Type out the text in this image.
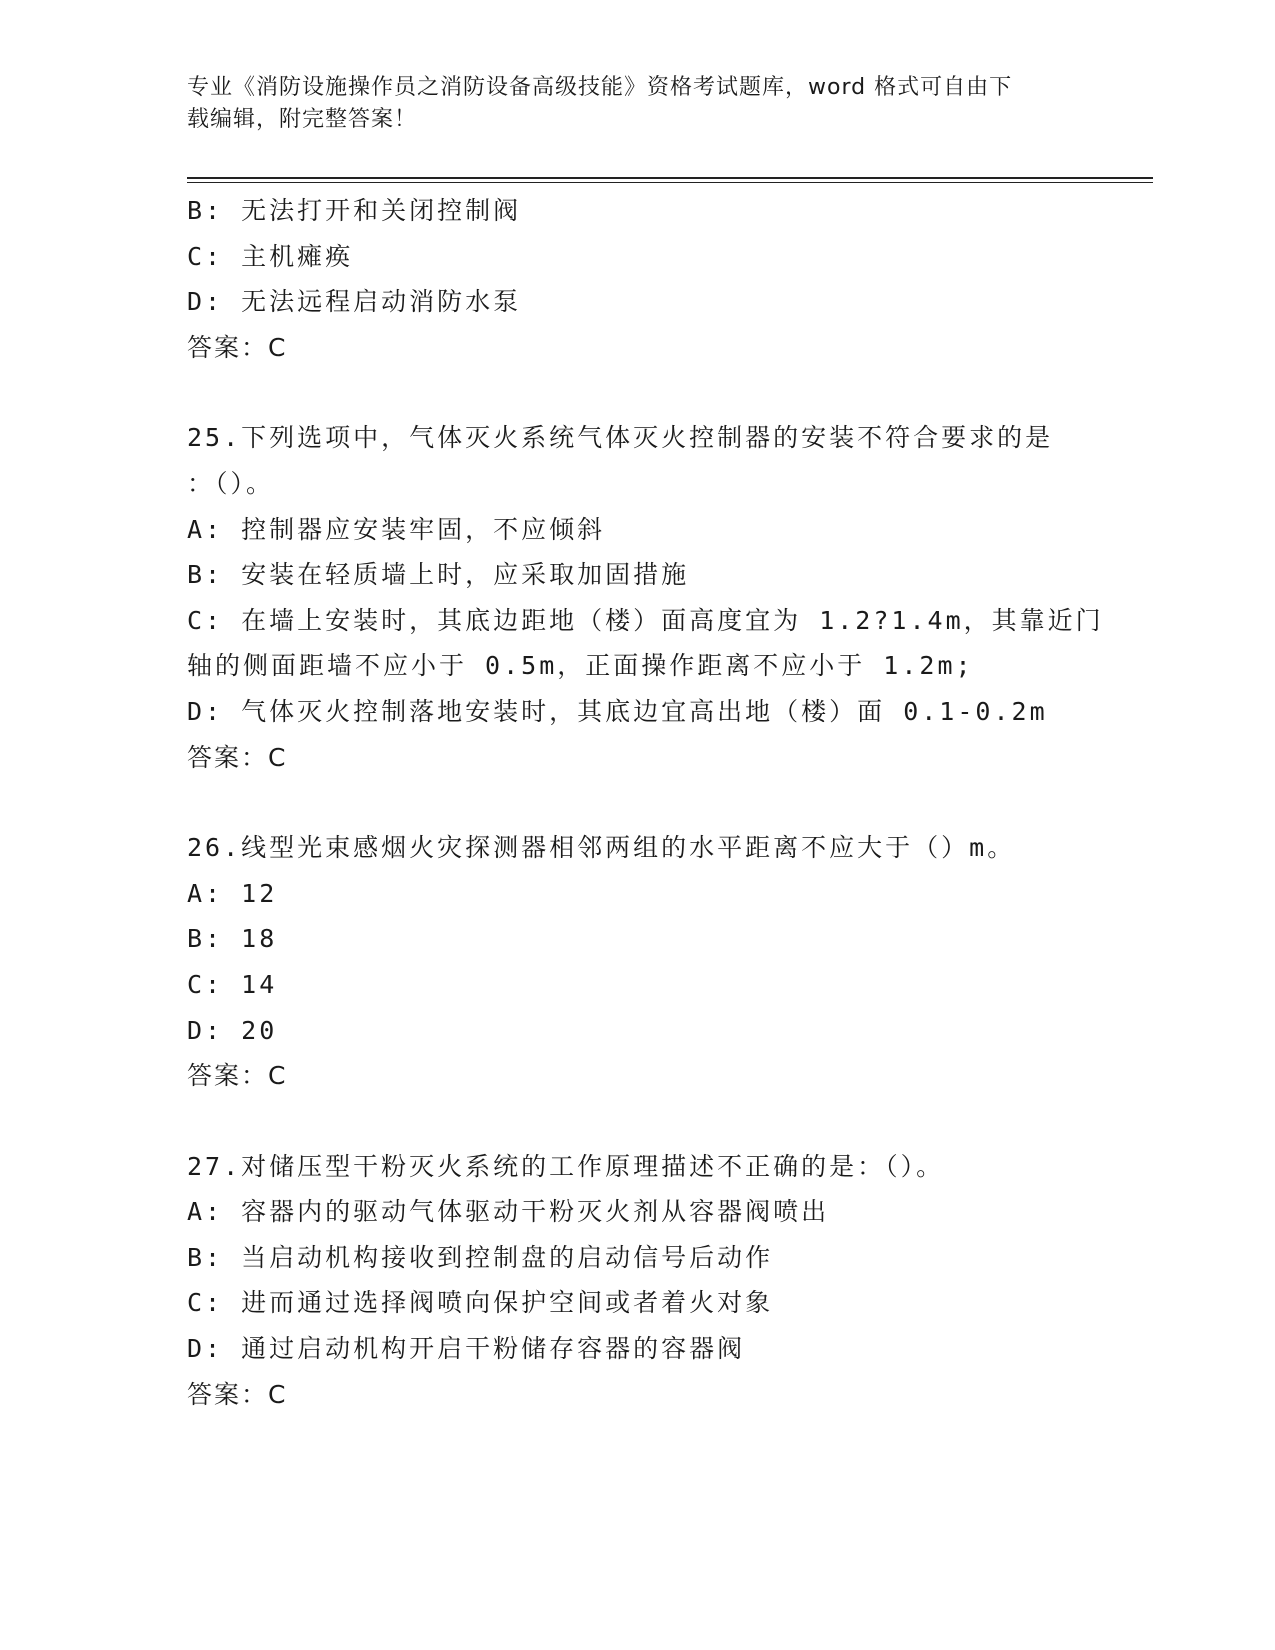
专业《消防设施操作员之消防设备高级技能》资格考试题库，word 格式可自由下
载编辑，附完整答案！
B: 无法打开和关闭控制阀
C: 主机瘫痪
D: 无法远程启动消防水泵
答案：C
25.下列选项中，气体灭火系统气体灭火控制器的安装不符合要求的是
：（）。
A: 控制器应安装牢固，不应倾斜
B: 安装在轻质墙上时，应采取加固措施
C: 在墙上安装时，其底边距地（楼）面高度宜为 1.2?1.4m，其靠近门
轴的侧面距墙不应小于 0.5m，正面操作距离不应小于 1.2m;
D: 气体灭火控制落地安装时，其底边宜高出地（楼）面 0.1-0.2m
答案：C
26.线型光束感烟火灾探测器相邻两组的水平距离不应大于（）m。
A: 12
B: 18
C: 14
D: 20
答案：C
27.对储压型干粉灭火系统的工作原理描述不正确的是：（）。
A: 容器内的驱动气体驱动干粉灭火剂从容器阀喷出
B: 当启动机构接收到控制盘的启动信号后动作
C: 进而通过选择阀喷向保护空间或者着火对象
D: 通过启动机构开启干粉储存容器的容器阀
答案：C
